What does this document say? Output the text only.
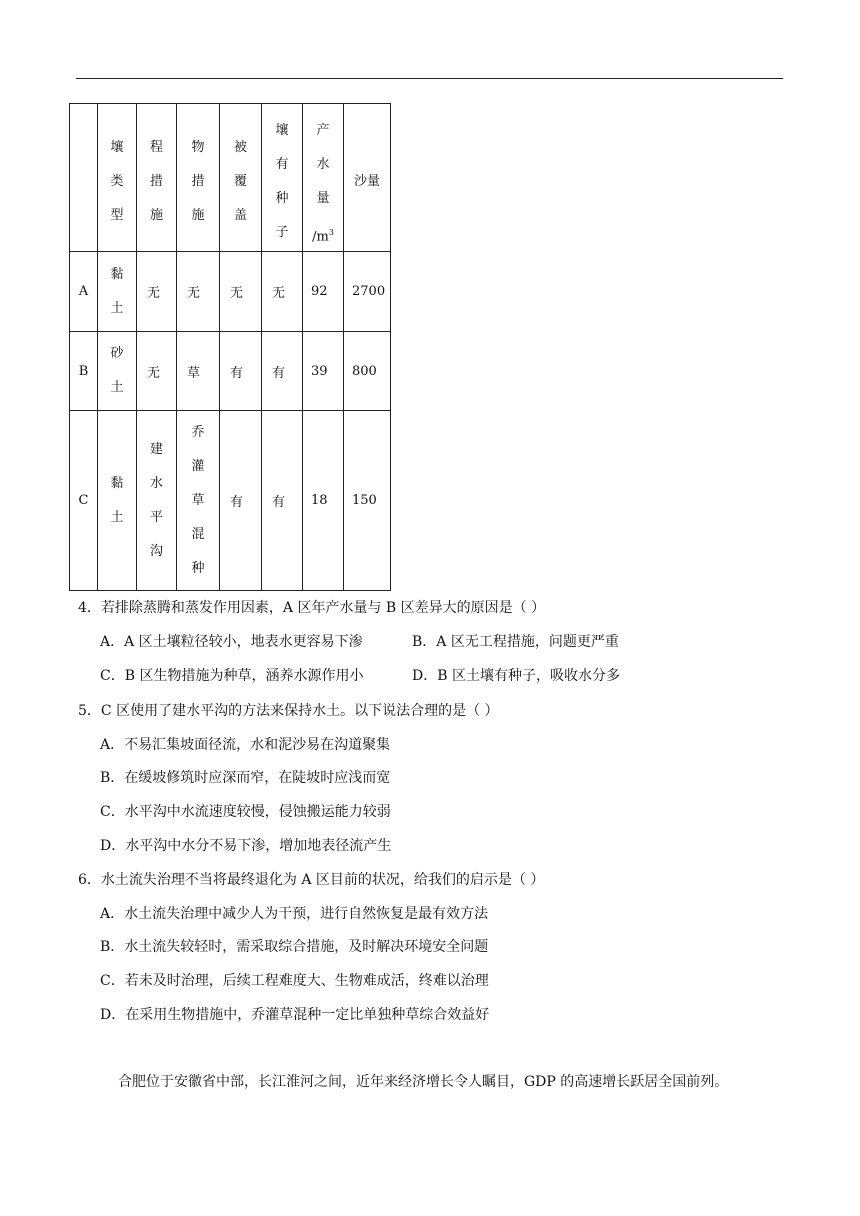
	壤
类
型	程
措
施	物
措
施	被
覆
盖	壤
有
种
子	产
水
量
$/m^3$	沙量

A	黏
土	无	无	无	无	92	2700
B	砂
土	无	草	有	有	39	800
C	黏
土	建
水
平
沟	乔
灌
草
混
种	有	有	18	150
4．若排除蒸腾和蒸发作用因素，A 区年产水量与 B 区差异大的原因是（ ）
A．A 区土壤粒径较小，地表水更容易下渗	B．A 区无工程措施，问题更严重
C．B 区生物措施为种草，涵养水源作用小	D．B 区土壤有种子，吸收水分多
5．C 区使用了建水平沟的方法来保持水土。以下说法合理的是（ ）
A．不易汇集坡面径流，水和泥沙易在沟道聚集
B．在缓坡修筑时应深而窄，在陡坡时应浅而宽
C．水平沟中水流速度较慢，侵蚀搬运能力较弱
D．水平沟中水分不易下渗，增加地表径流产生
6．水土流失治理不当将最终退化为 A 区目前的状况，给我们的启示是（ ）
A．水土流失治理中减少人为干预，进行自然恢复是最有效方法
B．水土流失较轻时，需采取综合措施，及时解决环境安全问题
C．若未及时治理，后续工程难度大、生物难成活，终难以治理
D．在采用生物措施中，乔灌草混种一定比单独种草综合效益好
合肥位于安徽省中部，长江淮河之间，近年来经济增长令人瞩目，GDP 的高速增长跃居全国前列。
